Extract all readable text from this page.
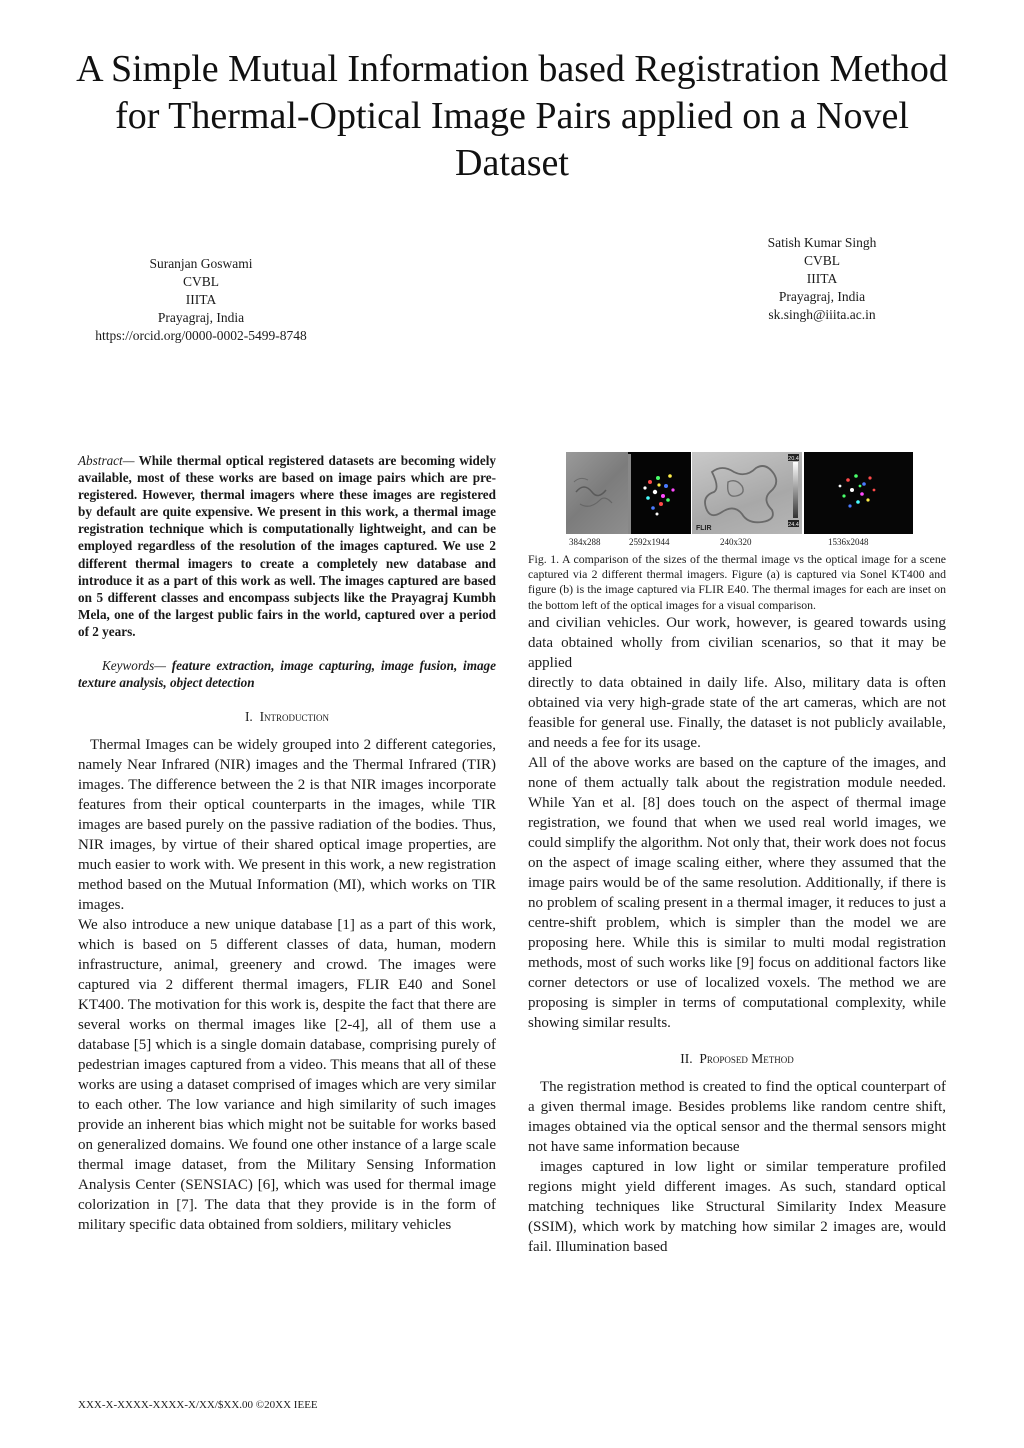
A Simple Mutual Information based Registration Method for Thermal-Optical Image Pairs applied on a Novel Dataset
Suranjan Goswami
CVBL
IIITA
Prayagraj, India
https://orcid.org/0000-0002-5499-8748
Satish Kumar Singh
CVBL
IIITA
Prayagraj, India
sk.singh@iiita.ac.in

Abstract— While thermal optical registered datasets are becoming widely available, most of these works are based on image pairs which are pre-registered. However, thermal imagers where these images are registered by default are quite expensive. We present in this work, a thermal image registration technique which is computationally lightweight, and can be employed regardless of the resolution of the images captured. We use 2 different thermal imagers to create a completely new database and introduce it as a part of this work as well. The images captured are based on 5 different classes and encompass subjects like the Prayagraj Kumbh Mela, one of the largest public fairs in the world, captured over a period of 2 years.

Keywords— feature extraction, image capturing, image fusion, image texture analysis, object detection

I. Introduction

Thermal Images can be widely grouped into 2 different categories, namely Near Infrared (NIR) images and the Thermal Infrared (TIR) images. The difference between the 2 is that NIR images incorporate features from their optical counterparts in the images, while TIR images are based purely on the passive radiation of the bodies. Thus, NIR images, by virtue of their shared optical image properties, are much easier to work with. We present in this work, a new registration method based on the Mutual Information (MI), which works on TIR images.

We also introduce a new unique database [1] as a part of this work, which is based on 5 different classes of data, human, modern infrastructure, animal, greenery and crowd. The images were captured via 2 different thermal imagers, FLIR E40 and Sonel KT400. The motivation for this work is, despite the fact that there are several works on thermal images like [2-4], all of them use a database [5] which is a single domain database, comprising purely of pedestrian images captured from a video. This means that all of these works are using a dataset comprised of images which are very similar to each other. The low variance and high similarity of such images provide an inherent bias which might not be suitable for works based on generalized domains. We found one other instance of a large scale thermal image dataset, from the Military Sensing Information Analysis Center (SENSIAC) [6], which was used for thermal image colorization in [7]. The data that they provide is in the form of military specific data obtained from soldiers, military vehicles

20.4
24.4
FLIR
384x288	2592x1944	240x320	1536x2048

Fig. 1. A comparison of the sizes of the thermal image vs the optical image for a scene captured via 2 different thermal imagers. Figure (a) is captured via Sonel KT400 and figure (b) is the image captured via FLIR E40. The thermal images for each are inset on the bottom left of the optical images for a visual comparison.

and civilian vehicles. Our work, however, is geared towards using data obtained wholly from civilian scenarios, so that it may be applied

directly to data obtained in daily life. Also, military data is often obtained via very high-grade state of the art cameras, which are not feasible for general use. Finally, the dataset is not publicly available, and needs a fee for its usage.

All of the above works are based on the capture of the images, and none of them actually talk about the registration module needed. While Yan et al. [8] does touch on the aspect of thermal image registration, we found that when we used real world images, we could simplify the algorithm. Not only that, their work does not focus on the aspect of image scaling either, where they assumed that the image pairs would be of the same resolution. Additionally, if there is no problem of scaling present in a thermal imager, it reduces to just a centre-shift problem, which is simpler than the model we are proposing here. While this is similar to multi modal registration methods, most of such works like [9] focus on additional factors like corner detectors or use of localized voxels. The method we are proposing is simpler in terms of computational complexity, while showing similar results.

II. Proposed Method

The registration method is created to find the optical counterpart of a given thermal image. Besides problems like random centre shift, images obtained via the optical sensor and the thermal sensors might not have same information because

images captured in low light or similar temperature profiled regions might yield different images. As such, standard optical matching techniques like Structural Similarity Index Measure (SSIM), which work by matching how similar 2 images are, would fail. Illumination based

XXX-X-XXXX-XXXX-X/XX/$XX.00 ©20XX IEEE
